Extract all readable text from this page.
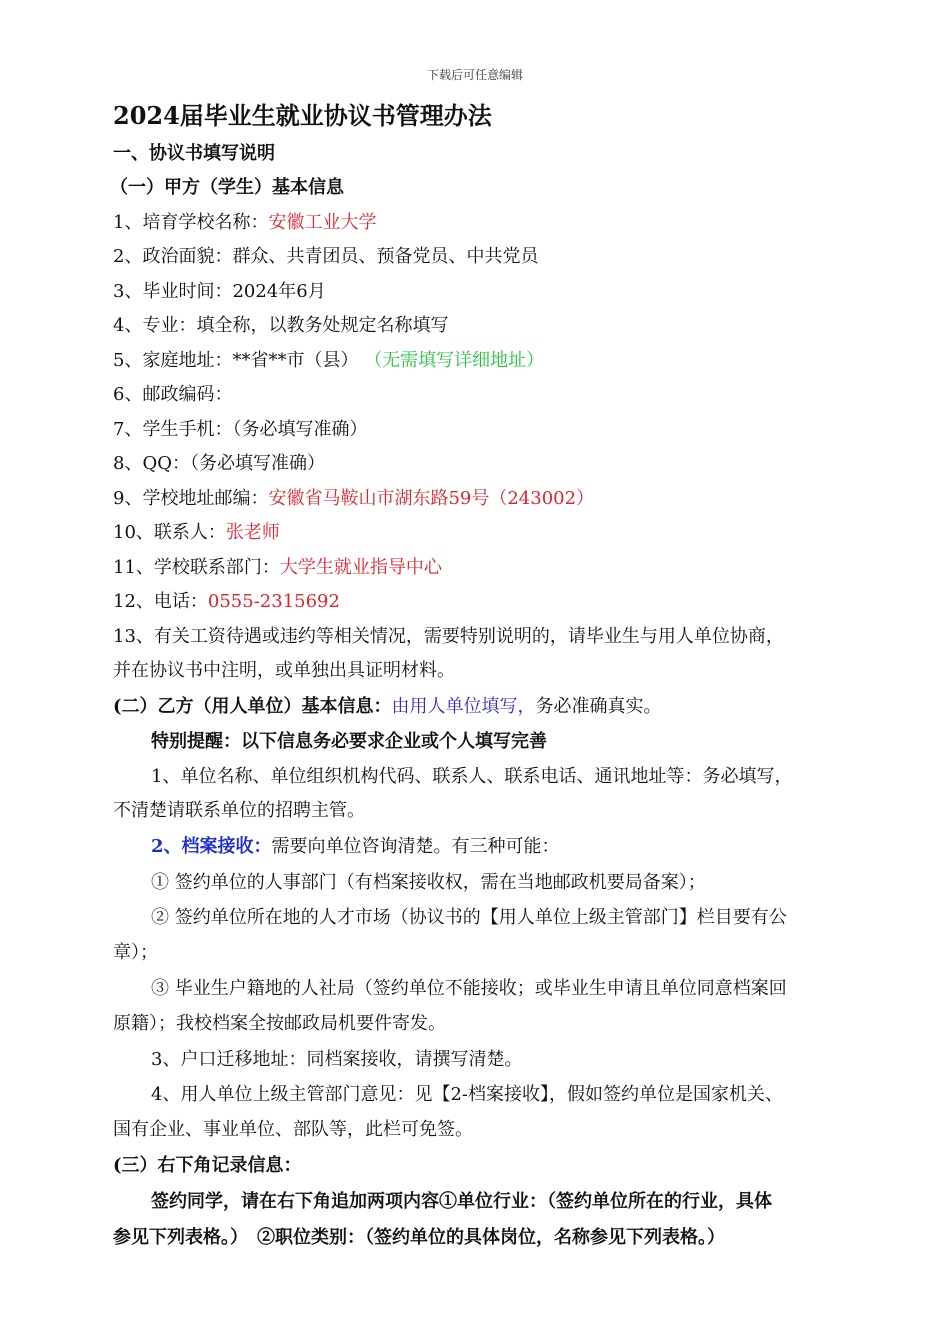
下载后可任意编辑
2024届毕业生就业协议书管理办法
一、协议书填写说明
（一）甲方（学生）基本信息
1、培育学校名称：安徽工业大学
2、政治面貌：群众、共青团员、预备党员、中共党员
3、毕业时间：2024年6月
4、专业：填全称，以教务处规定名称填写
5、家庭地址：**省**市（县） （无需填写详细地址）
6、邮政编码：
7、学生手机：（务必填写准确）
8、QQ：（务必填写准确）
9、学校地址邮编：安徽省马鞍山市湖东路59号（243002）
10、联系人：张老师
11、学校联系部门：大学生就业指导中心
12、电话：0555-2315692
13、有关工资待遇或违约等相关情况，需要特别说明的，请毕业生与用人单位协商，
并在协议书中注明，或单独出具证明材料。
(二）乙方（用人单位）基本信息：由用人单位填写，务必准确真实。
特别提醒：以下信息务必要求企业或个人填写完善
1、单位名称、单位组织机构代码、联系人、联系电话、通讯地址等：务必填写，
不清楚请联系单位的招聘主管。
2、档案接收：需要向单位咨询清楚。有三种可能：
① 签约单位的人事部门（有档案接收权，需在当地邮政机要局备案）；
② 签约单位所在地的人才市场（协议书的【用人单位上级主管部门】栏目要有公
章）；
③ 毕业生户籍地的人社局（签约单位不能接收；或毕业生申请且单位同意档案回
原籍）；我校档案全按邮政局机要件寄发。
3、户口迁移地址：同档案接收，请撰写清楚。
4、用人单位上级主管部门意见：见【2-档案接收】，假如签约单位是国家机关、
国有企业、事业单位、部队等，此栏可免签。
(三）右下角记录信息：
签约同学，请在右下角追加两项内容①单位行业：（签约单位所在的行业，具体
参见下列表格。）　②职位类别：（签约单位的具体岗位，名称参见下列表格。）
